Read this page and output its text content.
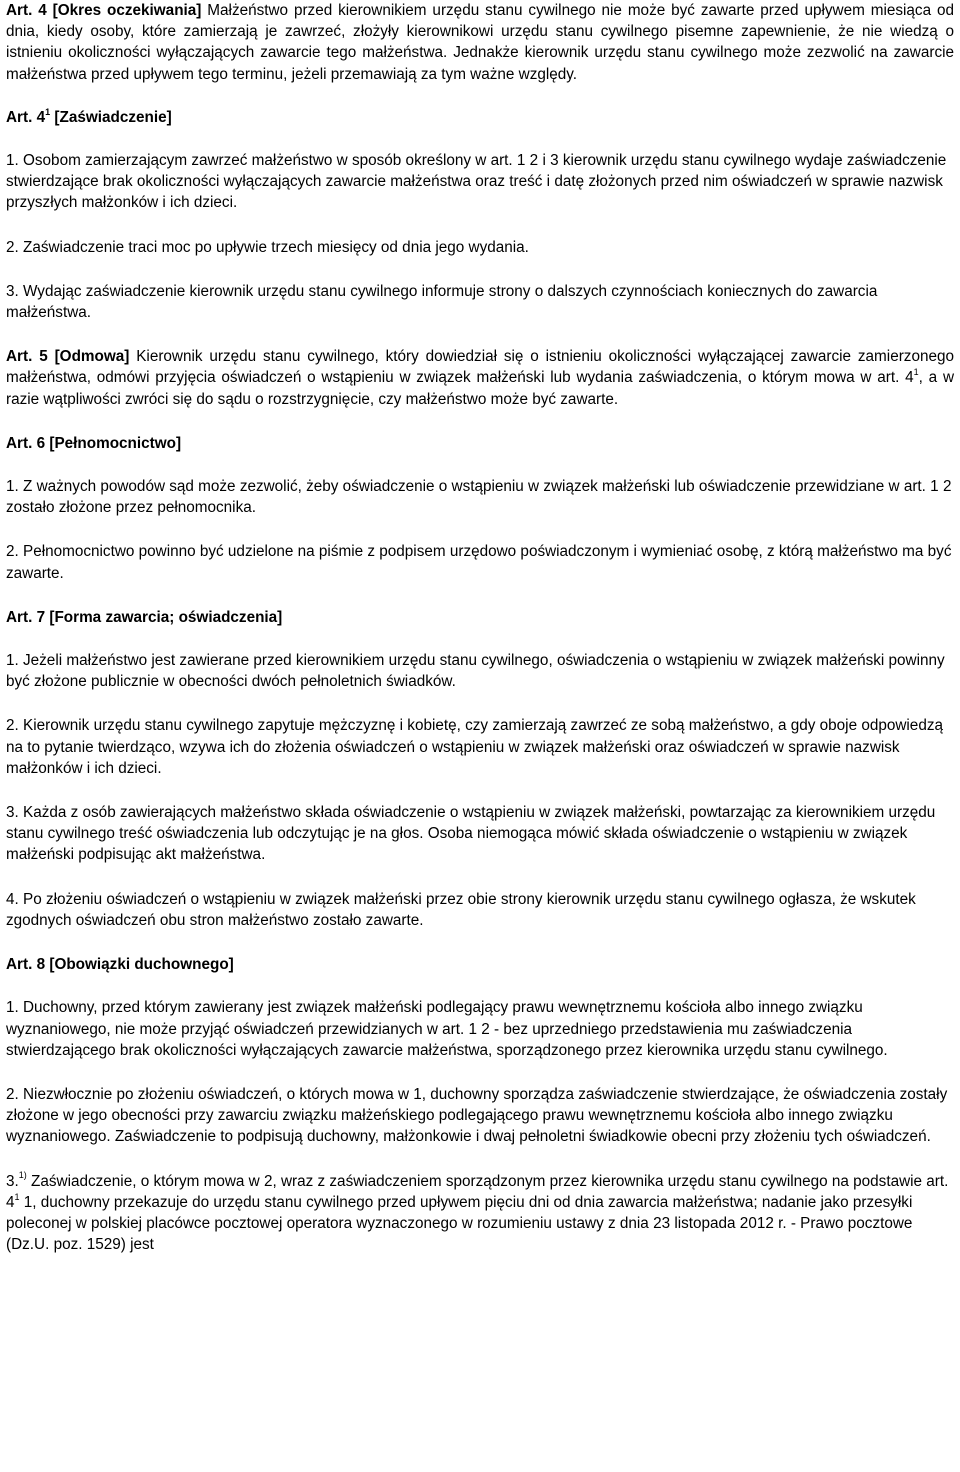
Art. 4 [Okres oczekiwania] Małżeństwo przed kierownikiem urzędu stanu cywilnego nie może być zawarte przed upływem miesiąca od dnia, kiedy osoby, które zamierzają je zawrzeć, złożyły kierownikowi urzędu stanu cywilnego pisemne zapewnienie, że nie wiedzą o istnieniu okoliczności wyłączających zawarcie tego małżeństwa. Jednakże kierownik urzędu stanu cywilnego może zezwolić na zawarcie małżeństwa przed upływem tego terminu, jeżeli przemawiają za tym ważne względy.

Art. $4^1$ [Zaświadczenie]

1. Osobom zamierzającym zawrzeć małżeństwo w sposób określony w art. 1 2 i 3 kierownik urzędu stanu cywilnego wydaje zaświadczenie stwierdzające brak okoliczności wyłączających zawarcie małżeństwa oraz treść i datę złożonych przed nim oświadczeń w sprawie nazwisk przyszłych małżonków i ich dzieci.

2. Zaświadczenie traci moc po upływie trzech miesięcy od dnia jego wydania.

3. Wydając zaświadczenie kierownik urzędu stanu cywilnego informuje strony o dalszych czynnościach koniecznych do zawarcia małżeństwa.

Art. 5 [Odmowa] Kierownik urzędu stanu cywilnego, który dowiedział się o istnieniu okoliczności wyłączającej zawarcie zamierzonego małżeństwa, odmówi przyjęcia oświadczeń o wstąpieniu w związek małżeński lub wydania zaświadczenia, o którym mowa w art. $4^1$, a w razie wątpliwości zwróci się do sądu o rozstrzygnięcie, czy małżeństwo może być zawarte.

Art. 6 [Pełnomocnictwo]

1. Z ważnych powodów sąd może zezwolić, żeby oświadczenie o wstąpieniu w związek małżeński lub oświadczenie przewidziane w art. 1 2 zostało złożone przez pełnomocnika.

2. Pełnomocnictwo powinno być udzielone na piśmie z podpisem urzędowo poświadczonym i wymieniać osobę, z którą małżeństwo ma być zawarte.

Art. 7 [Forma zawarcia; oświadczenia]

1. Jeżeli małżeństwo jest zawierane przed kierownikiem urzędu stanu cywilnego, oświadczenia o wstąpieniu w związek małżeński powinny być złożone publicznie w obecności dwóch pełnoletnich świadków.

2. Kierownik urzędu stanu cywilnego zapytuje mężczyznę i kobietę, czy zamierzają zawrzeć ze sobą małżeństwo, a gdy oboje odpowiedzą na to pytanie twierdząco, wzywa ich do złożenia oświadczeń o wstąpieniu w związek małżeński oraz oświadczeń w sprawie nazwisk małżonków i ich dzieci.

3. Każda z osób zawierających małżeństwo składa oświadczenie o wstąpieniu w związek małżeński, powtarzając za kierownikiem urzędu stanu cywilnego treść oświadczenia lub odczytując je na głos. Osoba niemogąca mówić składa oświadczenie o wstąpieniu w związek małżeński podpisując akt małżeństwa.

4. Po złożeniu oświadczeń o wstąpieniu w związek małżeński przez obie strony kierownik urzędu stanu cywilnego ogłasza, że wskutek zgodnych oświadczeń obu stron małżeństwo zostało zawarte.

Art. 8 [Obowiązki duchownego]

1. Duchowny, przed którym zawierany jest związek małżeński podlegający prawu wewnętrznemu kościoła albo innego związku wyznaniowego, nie może przyjąć oświadczeń przewidzianych w art. 1 2 - bez uprzedniego przedstawienia mu zaświadczenia stwierdzającego brak okoliczności wyłączających zawarcie małżeństwa, sporządzonego przez kierownika urzędu stanu cywilnego.

2. Niezwłocznie po złożeniu oświadczeń, o których mowa w 1, duchowny sporządza zaświadczenie stwierdzające, że oświadczenia zostały złożone w jego obecności przy zawarciu związku małżeńskiego podlegającego prawu wewnętrznemu kościoła albo innego związku wyznaniowego. Zaświadczenie to podpisują duchowny, małżonkowie i dwaj pełnoletni świadkowie obecni przy złożeniu tych oświadczeń.

3.$^{1)}$ Zaświadczenie, o którym mowa w 2, wraz z zaświadczeniem sporządzonym przez kierownika urzędu stanu cywilnego na podstawie art. $4^1$ 1, duchowny przekazuje do urzędu stanu cywilnego przed upływem pięciu dni od dnia zawarcia małżeństwa; nadanie jako przesyłki poleconej w polskiej placówce pocztowej operatora wyznaczonego w rozumieniu ustawy z dnia 23 listopada 2012 r. - Prawo pocztowe (Dz.U. poz. 1529) jest
